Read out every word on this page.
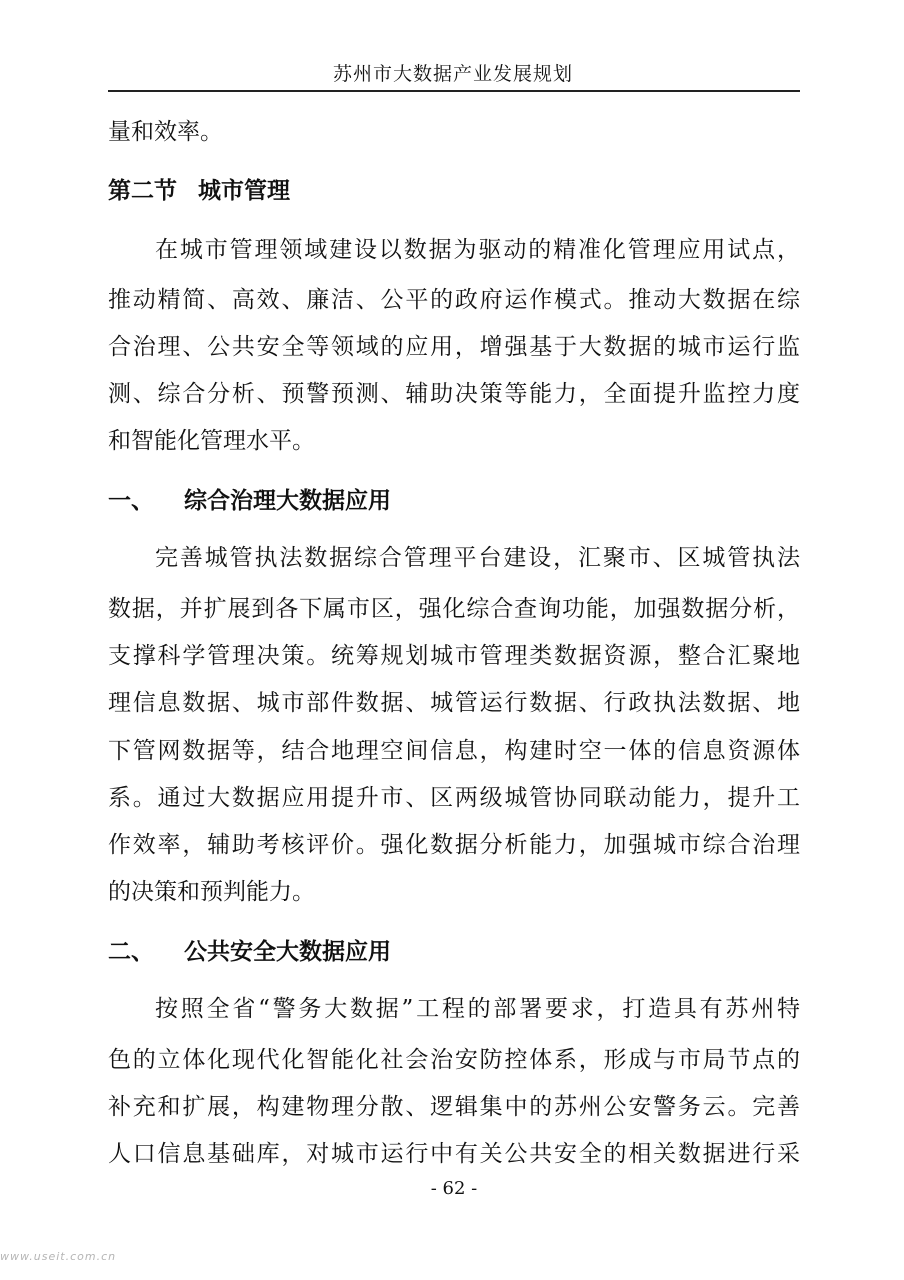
苏州市大数据产业发展规划
量和效率。
第二节 城市管理
在城市管理领域建设以数据为驱动的精准化管理应用试点，
推动精简、高效、廉洁、公平的政府运作模式。推动大数据在综
合治理、公共安全等领域的应用，增强基于大数据的城市运行监
测、综合分析、预警预测、辅助决策等能力，全面提升监控力度
和智能化管理水平。
一、 综合治理大数据应用
完善城管执法数据综合管理平台建设，汇聚市、区城管执法
数据，并扩展到各下属市区，强化综合查询功能，加强数据分析，
支撑科学管理决策。统筹规划城市管理类数据资源，整合汇聚地
理信息数据、城市部件数据、城管运行数据、行政执法数据、地
下管网数据等，结合地理空间信息，构建时空一体的信息资源体
系。通过大数据应用提升市、区两级城管协同联动能力，提升工
作效率，辅助考核评价。强化数据分析能力，加强城市综合治理
的决策和预判能力。
二、 公共安全大数据应用
按照全省“警务大数据”工程的部署要求，打造具有苏州特
色的立体化现代化智能化社会治安防控体系，形成与市局节点的
补充和扩展，构建物理分散、逻辑集中的苏州公安警务云。完善
人口信息基础库，对城市运行中有关公共安全的相关数据进行采
- 62 -
www.useit.com.cn
